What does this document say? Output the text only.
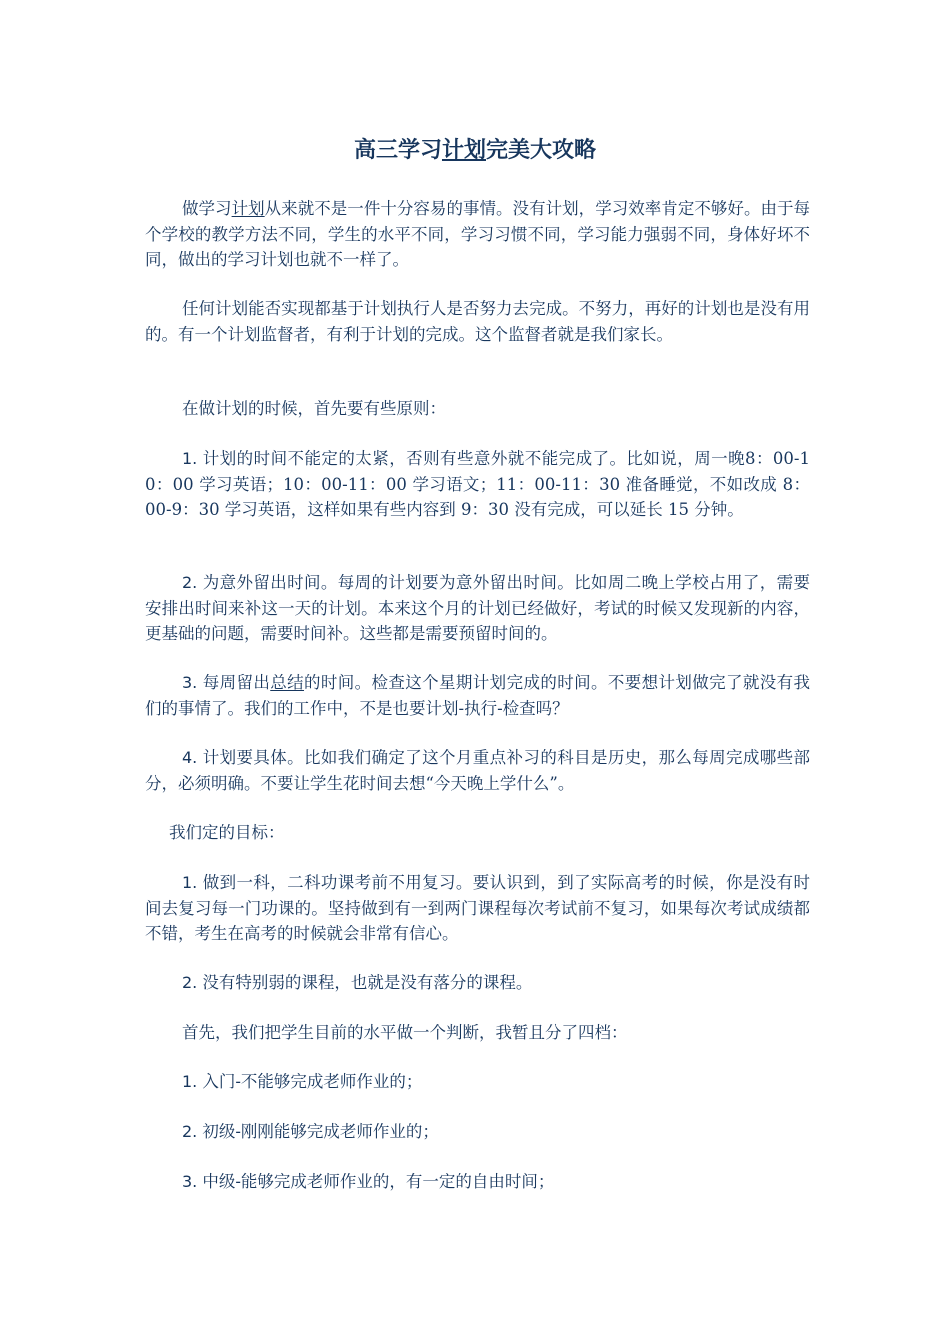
高三学习计划完美大攻略

做学习计划从来就不是一件十分容易的事情。没有计划，学习效率肯定不够好。由于每个学校的教学方法不同，学生的水平不同，学习习惯不同，学习能力强弱不同，身体好坏不同，做出的学习计划也就不一样了。

任何计划能否实现都基于计划执行人是否努力去完成。不努力，再好的计划也是没有用的。有一个计划监督者，有利于计划的完成。这个监督者就是我们家长。

在做计划的时候，首先要有些原则：

1. 计划的时间不能定的太紧，否则有些意外就不能完成了。比如说，周一晚8：00-10：00 学习英语；10：00-11：00 学习语文；11：00-11：30 准备睡觉，不如改成 8：00-9：30 学习英语，这样如果有些内容到 9：30 没有完成，可以延长 15 分钟。

2. 为意外留出时间。每周的计划要为意外留出时间。比如周二晚上学校占用了，需要安排出时间来补这一天的计划。本来这个月的计划已经做好，考试的时候又发现新的内容，更基础的问题，需要时间补。这些都是需要预留时间的。

3. 每周留出总结的时间。检查这个星期计划完成的时间。不要想计划做完了就没有我们的事情了。我们的工作中，不是也要计划-执行-检查吗？

4. 计划要具体。比如我们确定了这个月重点补习的科目是历史，那么每周完成哪些部分，必须明确。不要让学生花时间去想“今天晚上学什么”。

我们定的目标：

1. 做到一科，二科功课考前不用复习。要认识到，到了实际高考的时候，你是没有时间去复习每一门功课的。坚持做到有一到两门课程每次考试前不复习，如果每次考试成绩都不错，考生在高考的时候就会非常有信心。

2. 没有特别弱的课程，也就是没有落分的课程。

首先，我们把学生目前的水平做一个判断，我暂且分了四档：

1. 入门-不能够完成老师作业的；

2. 初级-刚刚能够完成老师作业的；

3. 中级-能够完成老师作业的，有一定的自由时间；
